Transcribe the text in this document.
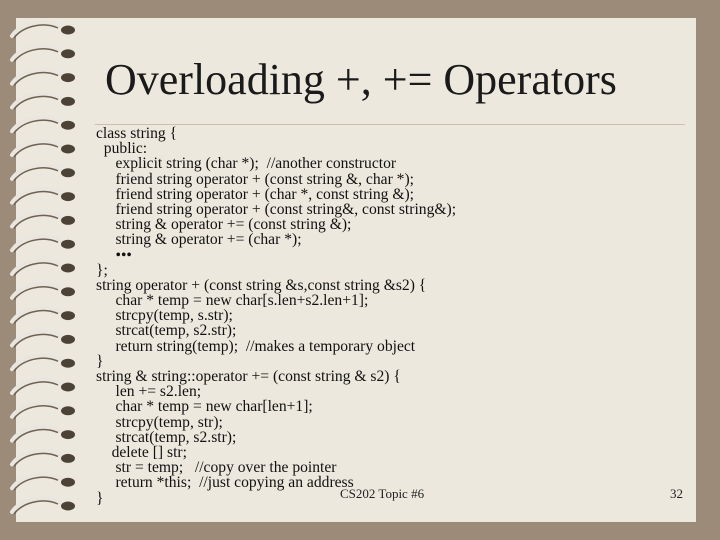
Overloading +, += Operators
class string {
public:
explicit string (char *);  //another constructor
friend string operator + (const string &, char *);
friend string operator + (char *, const string &);
friend string operator + (const string&, const string&);
string & operator += (const string &);
string & operator += (char *);
•••
};
string operator + (const string &s,const string &s2) {
char * temp = new char[s.len+s2.len+1];
strcpy(temp, s.str);
strcat(temp, s2.str);
return string(temp);  //makes a temporary object
}
string & string::operator += (const string & s2) {
len += s2.len;
char * temp = new char[len+1];
strcpy(temp, str);
strcat(temp, s2.str);
delete [] str;
str = temp;   //copy over the pointer
return *this;  //just copying an address
}	CS202 Topic #6	32
